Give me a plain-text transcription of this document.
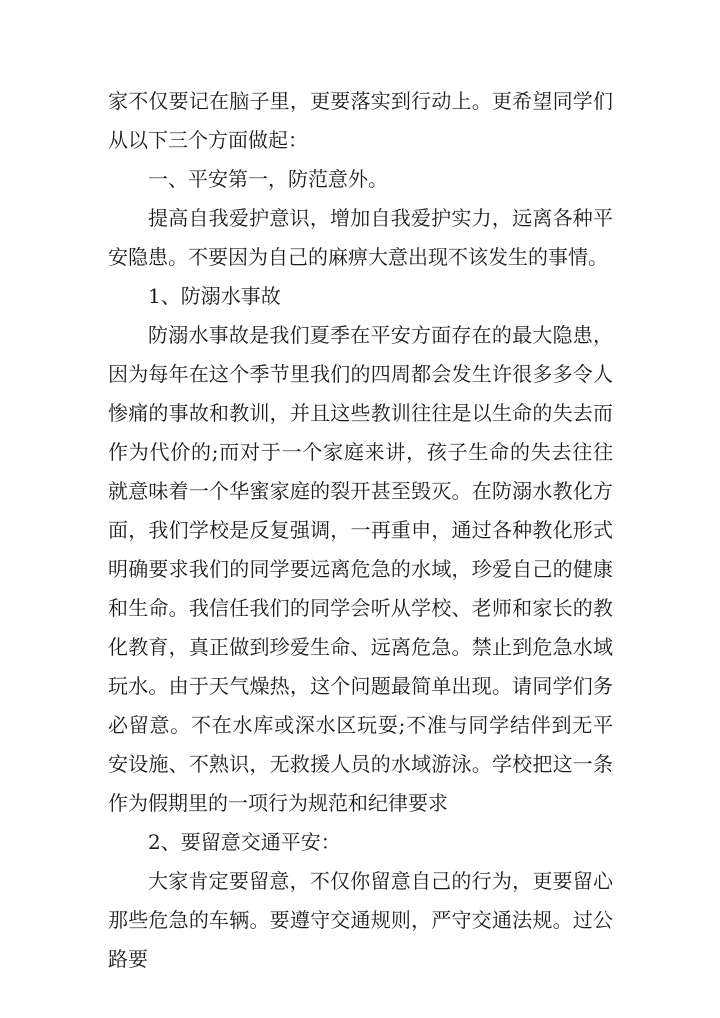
家不仅要记在脑子里，更要落实到行动上。更希望同学们从以下三个方面做起：

一、平安第一，防范意外。

提高自我爱护意识，增加自我爱护实力，远离各种平安隐患。不要因为自己的麻痹大意出现不该发生的事情。

1、防溺水事故

防溺水事故是我们夏季在平安方面存在的最大隐患，因为每年在这个季节里我们的四周都会发生许很多多令人惨痛的事故和教训，并且这些教训往往是以生命的失去而作为代价的;而对于一个家庭来讲，孩子生命的失去往往就意味着一个华蜜家庭的裂开甚至毁灭。在防溺水教化方面，我们学校是反复强调，一再重申，通过各种教化形式明确要求我们的同学要远离危急的水域，珍爱自己的健康和生命。我信任我们的同学会听从学校、老师和家长的教化教育，真正做到珍爱生命、远离危急。禁止到危急水域玩水。由于天气燥热，这个问题最简单出现。请同学们务必留意。不在水库或深水区玩耍;不准与同学结伴到无平安设施、不熟识，无救援人员的水域游泳。学校把这一条作为假期里的一项行为规范和纪律要求

2、要留意交通平安：

大家肯定要留意，不仅你留意自己的行为，更要留心那些危急的车辆。要遵守交通规则，严守交通法规。过公路要
